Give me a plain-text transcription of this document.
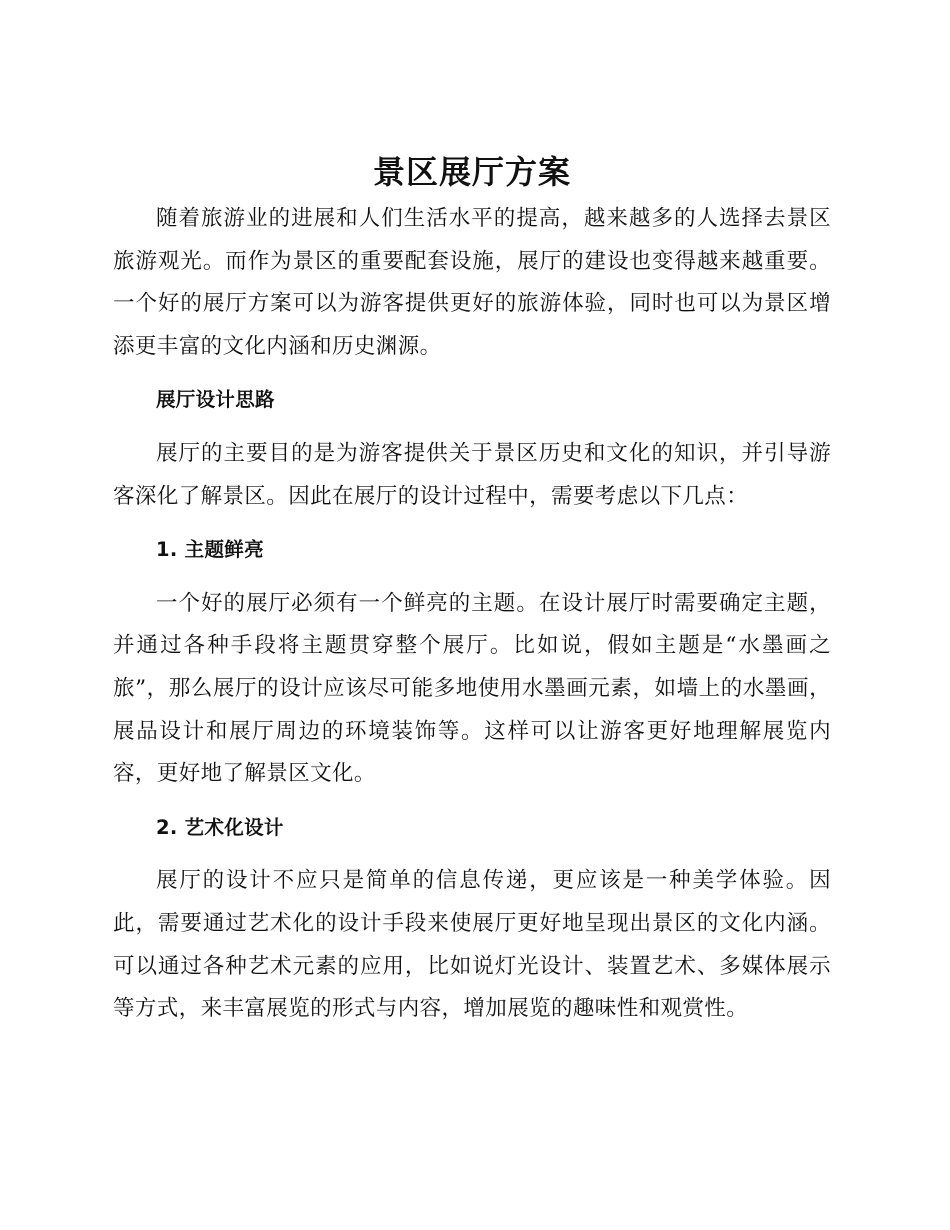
景区展厅方案

随着旅游业的进展和人们生活水平的提高，越来越多的人选择去景区旅游观光。而作为景区的重要配套设施，展厅的建设也变得越来越重要。一个好的展厅方案可以为游客提供更好的旅游体验，同时也可以为景区增添更丰富的文化内涵和历史渊源。

展厅设计思路

展厅的主要目的是为游客提供关于景区历史和文化的知识，并引导游客深化了解景区。因此在展厅的设计过程中，需要考虑以下几点：

1. 主题鲜亮

一个好的展厅必须有一个鲜亮的主题。在设计展厅时需要确定主题，并通过各种手段将主题贯穿整个展厅。比如说，假如主题是“水墨画之旅”，那么展厅的设计应该尽可能多地使用水墨画元素，如墙上的水墨画，展品设计和展厅周边的环境装饰等。这样可以让游客更好地理解展览内容，更好地了解景区文化。

2. 艺术化设计

展厅的设计不应只是简单的信息传递，更应该是一种美学体验。因此，需要通过艺术化的设计手段来使展厅更好地呈现出景区的文化内涵。可以通过各种艺术元素的应用，比如说灯光设计、装置艺术、多媒体展示等方式，来丰富展览的形式与内容，增加展览的趣味性和观赏性。
